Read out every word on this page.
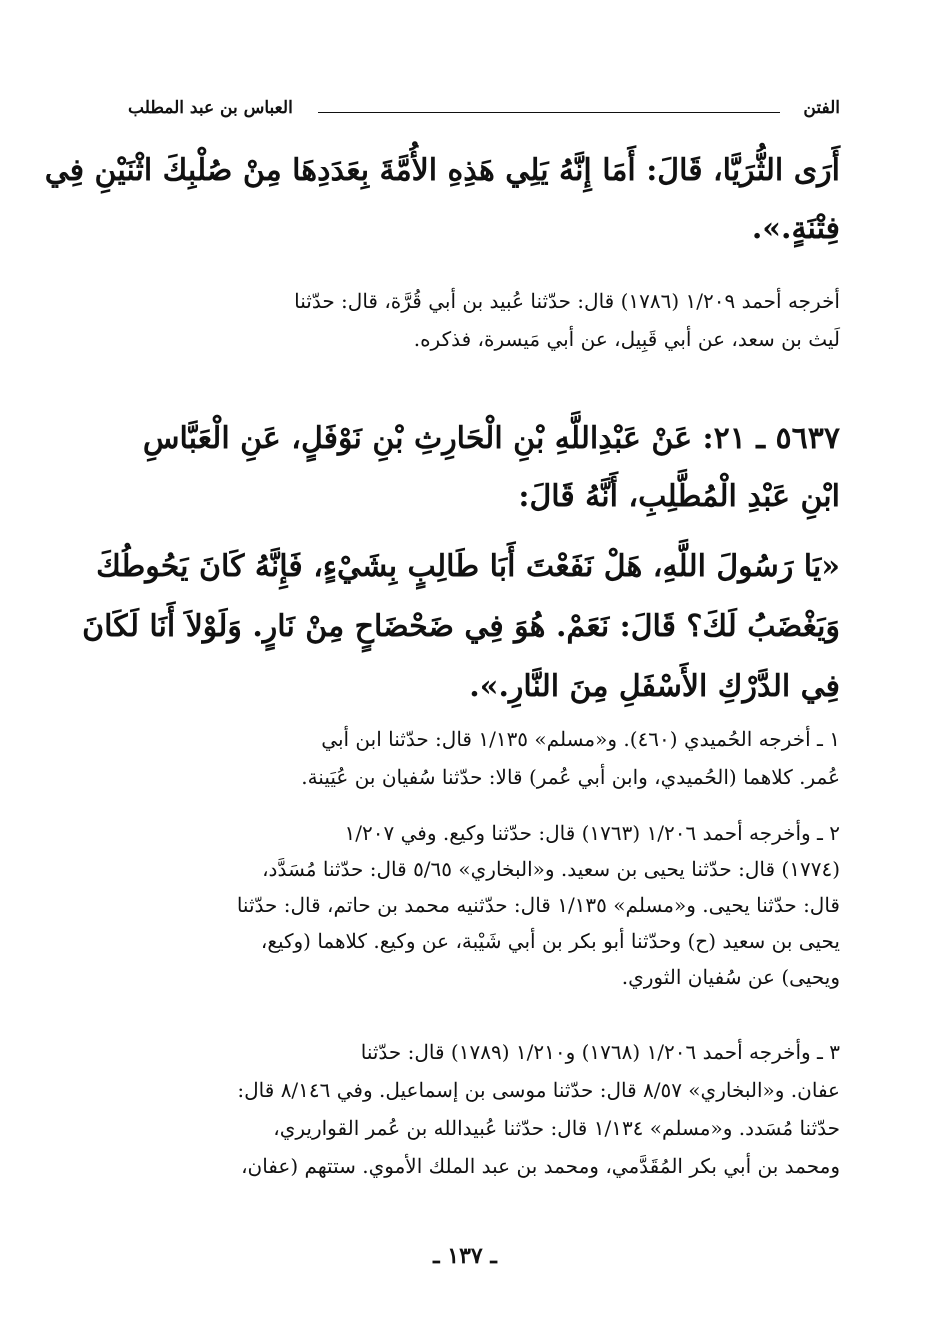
الفتن
العباس بن عبد المطلب
أَرَى الثُّرَيَّا، قَالَ: أَمَا إِنَّهُ يَلِي هَذِهِ الأُمَّةَ بِعَدَدِهَا مِنْ صُلْبِكَ اثْنَيْنِ فِي
فِتْنَةٍ.».
أخرجه أحمد ١/٢٠٩ (١٧٨٦) قال: حدّثنا عُبيد بن أبي قُرَّة، قال: حدّثنا
لَيث بن سعد، عن أبي قَبِيل، عن أبي مَيسرة، فذكره.
٥٦٣٧ ـ ٢١: عَنْ عَبْدِاللَّهِ بْنِ الْحَارِثِ بْنِ نَوْفَلٍ، عَنِ الْعَبَّاسِ
ابْنِ عَبْدِ الْمُطَّلِبِ، أَنَّهُ قَالَ:
«يَا رَسُولَ اللَّهِ، هَلْ نَفَعْتَ أَبَا طَالِبٍ بِشَيْءٍ، فَإِنَّهُ كَانَ يَحُوطُكَ
وَيَغْضَبُ لَكَ؟ قَالَ: نَعَمْ. هُوَ فِي ضَحْضَاحٍ مِنْ نَارٍ. وَلَوْلاَ أَنَا لَكَانَ
فِي الدَّرْكِ الأَسْفَلِ مِنَ النَّارِ.».
١ ـ أخرجه الحُميدي (٤٦٠). و«مسلم» ١/١٣٥ قال: حدّثنا ابن أبي
عُمر. كلاهما (الحُميدي، وابن أبي عُمر) قالا: حدّثنا سُفيان بن عُيَينة.
٢ ـ وأخرجه أحمد ١/٢٠٦ (١٧٦٣) قال: حدّثنا وكيع. وفي ١/٢٠٧
(١٧٧٤) قال: حدّثنا يحيى بن سعيد. و«البخاري» ٥/٦٥ قال: حدّثنا مُسَدَّد،
قال: حدّثنا يحيى. و«مسلم» ١/١٣٥ قال: حدّثنيه محمد بن حاتم، قال: حدّثنا
يحيى بن سعيد (ح) وحدّثنا أبو بكر بن أبي شَيْبة، عن وكيع. كلاهما (وكيع،
ويحيى) عن سُفيان الثوري.
٣ ـ وأخرجه أحمد ١/٢٠٦ (١٧٦٨) و١/٢١٠ (١٧٨٩) قال: حدّثنا
عفان. و«البخاري» ٨/٥٧ قال: حدّثنا موسى بن إسماعيل. وفي ٨/١٤٦ قال:
حدّثنا مُسَدد. و«مسلم» ١/١٣٤ قال: حدّثنا عُبيدالله بن عُمر القواريري،
ومحمد بن أبي بكر المُقَدَّمي، ومحمد بن عبد الملك الأموي. ستتهم (عفان،
ـ ١٣٧ ـ
